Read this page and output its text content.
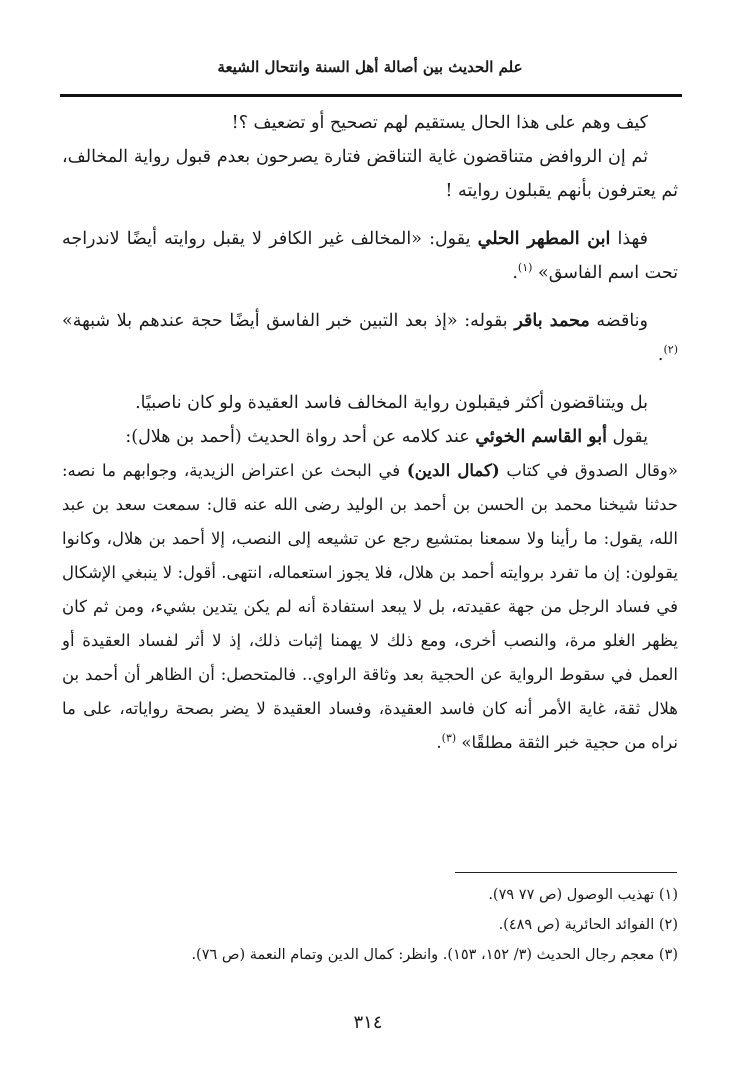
علم الحديث بين أصالة أهل السنة وانتحال الشيعة

كيف وهم على هذا الحال يستقيم لهم تصحيح أو تضعيف ؟!

ثم إن الروافض متناقضون غاية التناقض فتارة يصرحون بعدم قبول رواية المخالف، ثم يعترفون بأنهم يقبلون روايته !

فهذا ابن المطهر الحلي يقول: «المخالف غير الكافر لا يقبل روايته أيضًا لاندراجه تحت اسم الفاسق» $^{(١)}$.

وناقضه محمد باقر بقوله: «إذ بعد التبين خبر الفاسق أيضًا حجة عندهم بلا شبهة» $^{(٢)}$.

بل ويتناقضون أكثر فيقبلون رواية المخالف فاسد العقيدة ولو كان ناصبيًا.

يقول أبو القاسم الخوئي عند كلامه عن أحد رواة الحديث (أحمد بن هلال):

«وقال الصدوق في كتاب (كمال الدين) في البحث عن اعتراض الزيدية، وجوابهم ما نصه: حدثنا شيخنا محمد بن الحسن بن أحمد بن الوليد رضى الله عنه قال: سمعت سعد بن عبد الله، يقول: ما رأينا ولا سمعنا بمتشيع رجع عن تشيعه إلى النصب، إلا أحمد بن هلال، وكانوا يقولون: إن ما تفرد بروايته أحمد بن هلال، فلا يجوز استعماله، انتهى. أقول: لا ينبغي الإشكال في فساد الرجل من جهة عقيدته، بل لا يبعد استفادة أنه لم يكن يتدين بشيء، ومن ثم كان يظهر الغلو مرة، والنصب أخرى، ومع ذلك لا يهمنا إثبات ذلك، إذ لا أثر لفساد العقيدة أو العمل في سقوط الرواية عن الحجية بعد وثاقة الراوي.. فالمتحصل: أن الظاهر أن أحمد بن هلال ثقة، غاية الأمر أنه كان فاسد العقيدة، وفساد العقيدة لا يضر بصحة رواياته، على ما نراه من حجية خبر الثقة مطلقًا» $^{(٣)}$.

(١) تهذيب الوصول (ص ٧٧ ٧٩).

(٢) الفوائد الحائرية (ص ٤٨٩).

(٣) معجم رجال الحديث (٣/ ١٥٢، ١٥٣). وانظر: كمال الدين وتمام النعمة (ص ٧٦).

٣١٤
